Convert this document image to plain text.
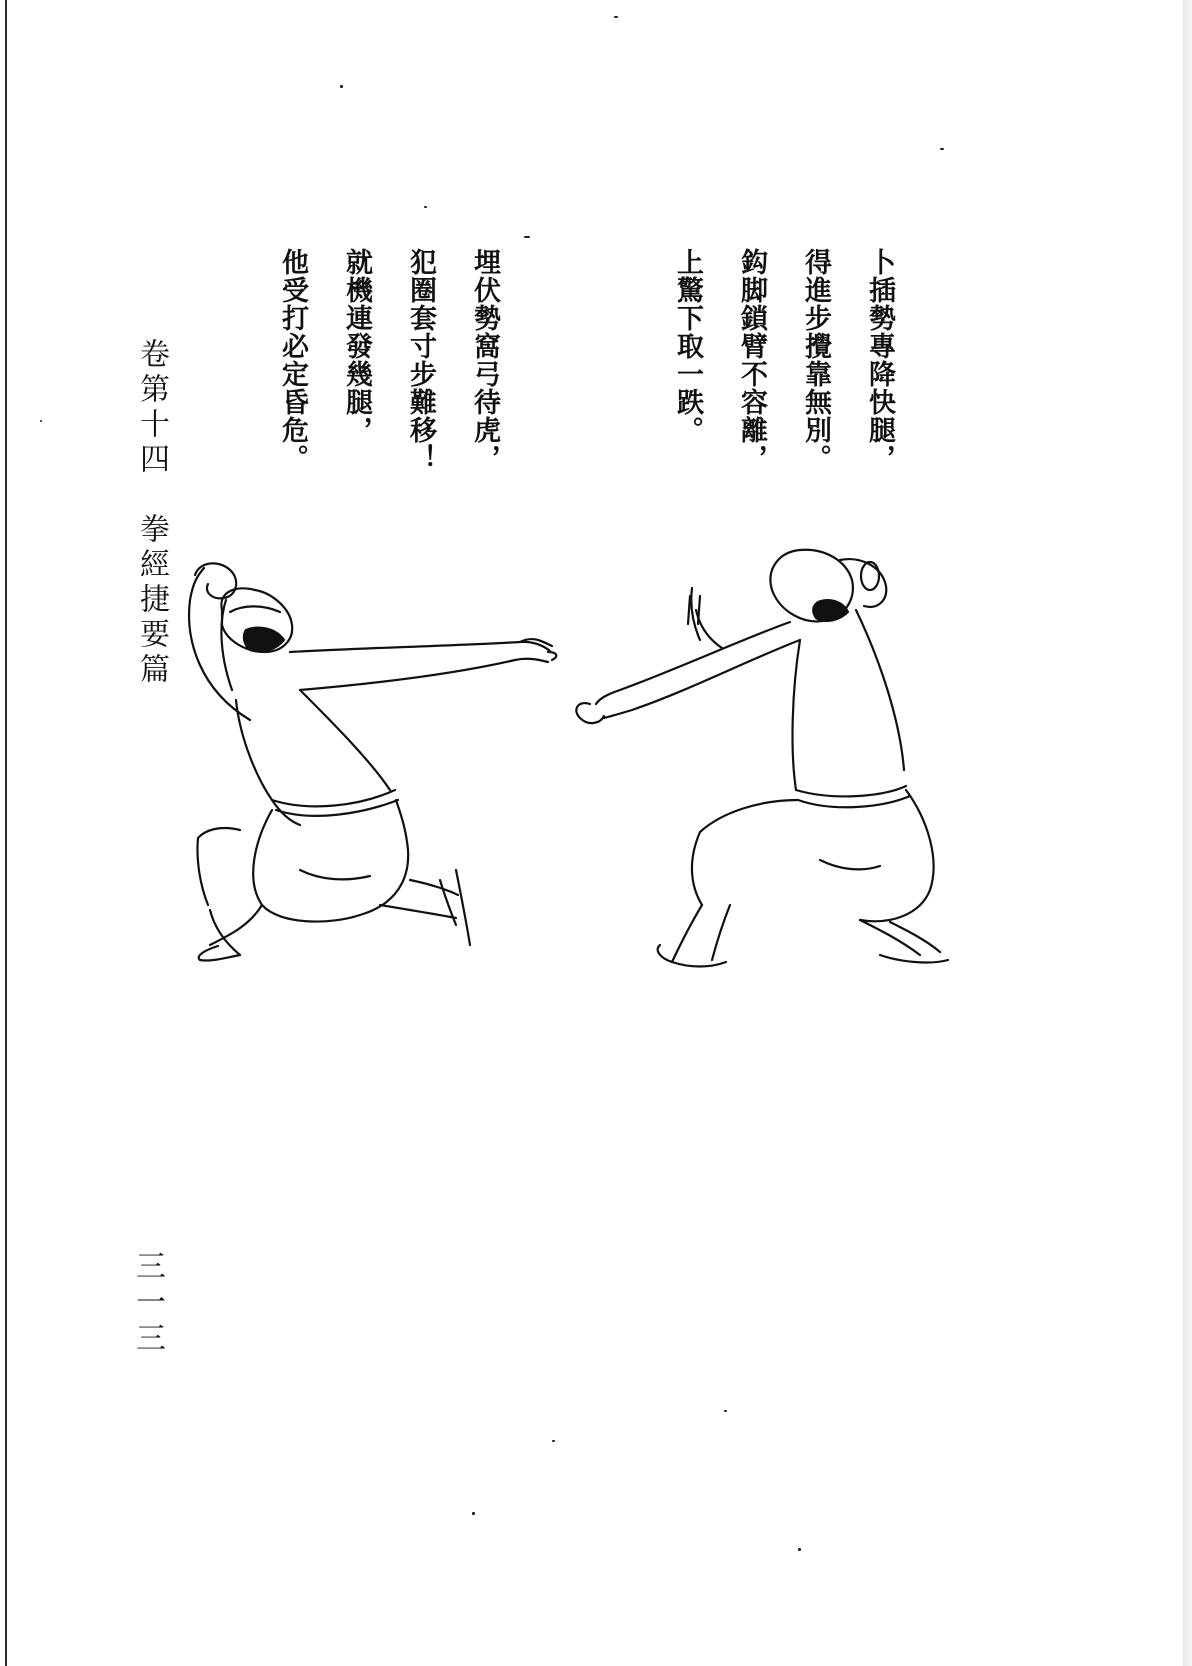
卜插勢專降快腿，
得進步攪靠無別。
鈎脚鎖臂不容離，
上驚下取一跌。
埋伏勢窩弓待虎，
犯圈套寸步難移！
就機連發幾腿，
他受打必定昏危。
卷第十四　拳經捷要篇
三一三
